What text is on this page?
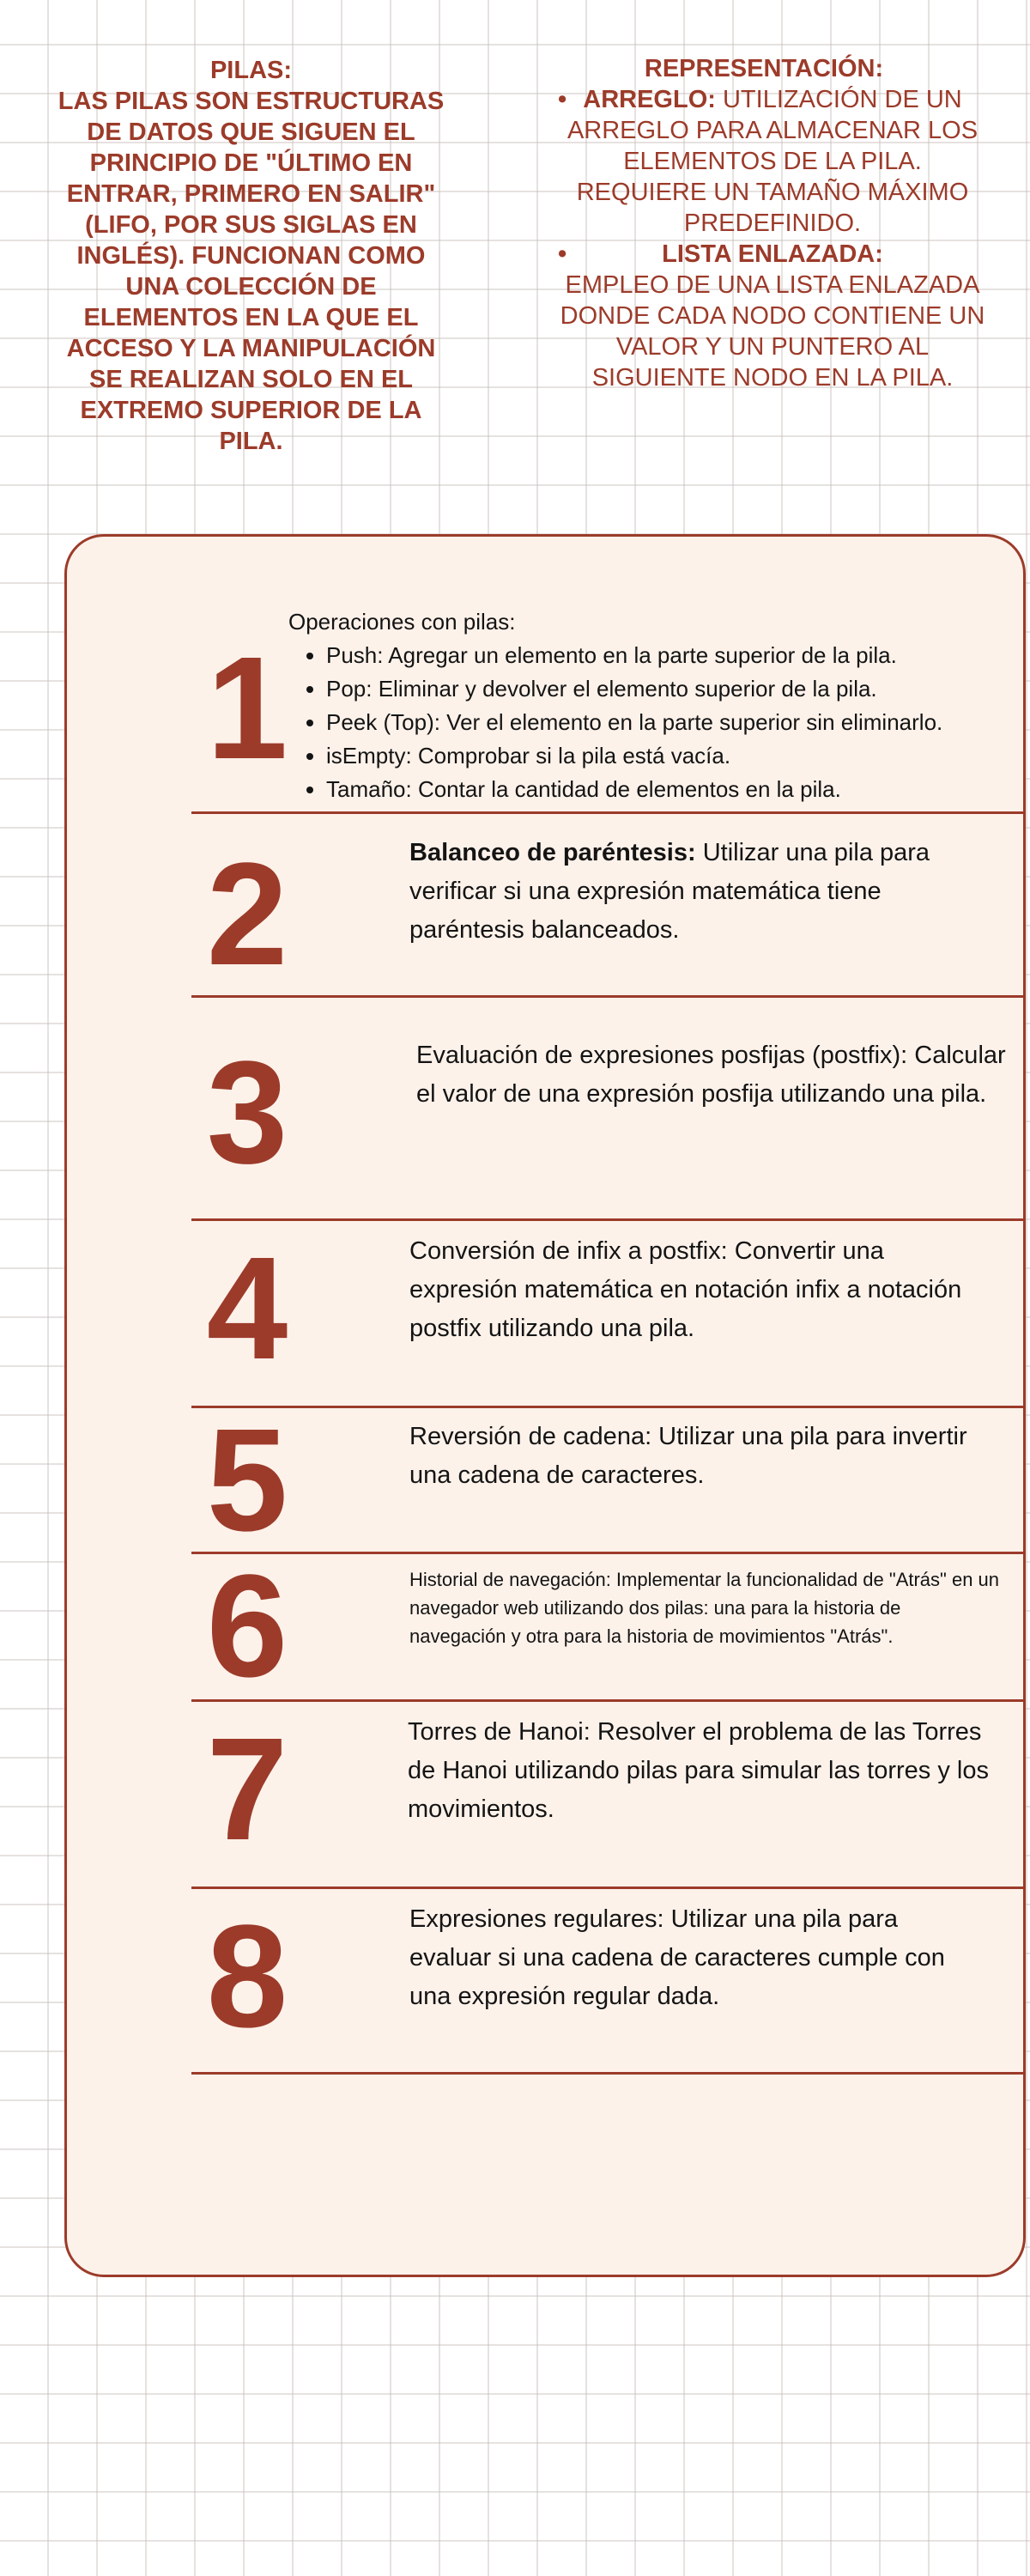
PILAS:
LAS PILAS SON ESTRUCTURAS DE DATOS QUE SIGUEN EL PRINCIPIO DE "ÚLTIMO EN ENTRAR, PRIMERO EN SALIR" (LIFO, POR SUS SIGLAS EN INGLÉS). FUNCIONAN COMO UNA COLECCIÓN DE ELEMENTOS EN LA QUE EL ACCESO Y LA MANIPULACIÓN SE REALIZAN SOLO EN EL EXTREMO SUPERIOR DE LA PILA.
REPRESENTACIÓN:
• ARREGLO: UTILIZACIÓN DE UN ARREGLO PARA ALMACENAR LOS ELEMENTOS DE LA PILA. REQUIERE UN TAMAÑO MÁXIMO PREDEFINIDO.
•	LISTA ENLAZADA:
EMPLEO DE UNA LISTA ENLAZADA DONDE CADA NODO CONTIENE UN VALOR Y UN PUNTERO AL SIGUIENTE NODO EN LA PILA.
1
Operaciones con pilas:
• Push: Agregar un elemento en la parte superior de la pila.
• Pop: Eliminar y devolver el elemento superior de la pila.
• Peek (Top): Ver el elemento en la parte superior sin eliminarlo.
• isEmpty: Comprobar si la pila está vacía.
• Tamaño: Contar la cantidad de elementos en la pila.
2	Balanceo de paréntesis: Utilizar una pila para verificar si una expresión matemática tiene paréntesis balanceados.
3	Evaluación de expresiones posfijas (postfix): Calcular el valor de una expresión posfija utilizando una pila.
4	Conversión de infix a postfix: Convertir una expresión matemática en notación infix a notación postfix utilizando una pila.
5	Reversión de cadena: Utilizar una pila para invertir una cadena de caracteres.
6	Historial de navegación: Implementar la funcionalidad de "Atrás" en un navegador web utilizando dos pilas: una para la historia de navegación y otra para la historia de movimientos "Atrás".
7	Torres de Hanoi: Resolver el problema de las Torres de Hanoi utilizando pilas para simular las torres y los movimientos.
8	Expresiones regulares: Utilizar una pila para evaluar si una cadena de caracteres cumple con una expresión regular dada.
